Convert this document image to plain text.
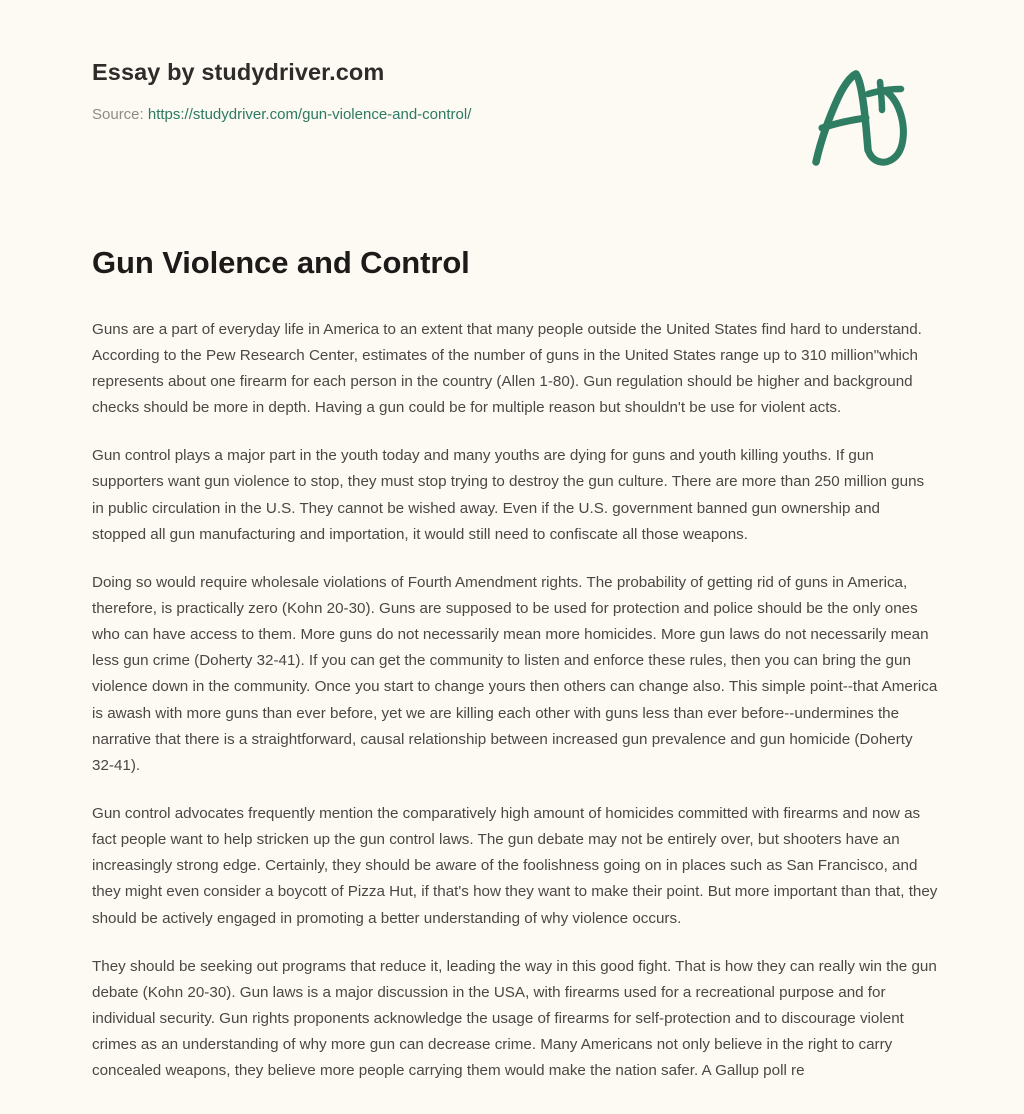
Essay by studydriver.com
Source: https://studydriver.com/gun-violence-and-control/
Gun Violence and Control

Guns are a part of everyday life in America to an extent that many people outside the United States find hard to understand. According to the Pew Research Center, estimates of the number of guns in the United States range up to 310 million"which represents about one firearm for each person in the country (Allen 1-80). Gun regulation should be higher and background checks should be more in depth. Having a gun could be for multiple reason but shouldn't be use for violent acts.

Gun control plays a major part in the youth today and many youths are dying for guns and youth killing youths. If gun supporters want gun violence to stop, they must stop trying to destroy the gun culture. There are more than 250 million guns in public circulation in the U.S. They cannot be wished away. Even if the U.S. government banned gun ownership and stopped all gun manufacturing and importation, it would still need to confiscate all those weapons.

Doing so would require wholesale violations of Fourth Amendment rights. The probability of getting rid of guns in America, therefore, is practically zero (Kohn 20-30). Guns are supposed to be used for protection and police should be the only ones who can have access to them. More guns do not necessarily mean more homicides. More gun laws do not necessarily mean less gun crime (Doherty 32-41). If you can get the community to listen and enforce these rules, then you can bring the gun violence down in the community. Once you start to change yours then others can change also. This simple point--that America is awash with more guns than ever before, yet we are killing each other with guns less than ever before--undermines the narrative that there is a straightforward, causal relationship between increased gun prevalence and gun homicide (Doherty 32-41).

Gun control advocates frequently mention the comparatively high amount of homicides committed with firearms and now as fact people want to help stricken up the gun control laws. The gun debate may not be entirely over, but shooters have an increasingly strong edge. Certainly, they should be aware of the foolishness going on in places such as San Francisco, and they might even consider a boycott of Pizza Hut, if that's how they want to make their point. But more important than that, they should be actively engaged in promoting a better understanding of why violence occurs.

They should be seeking out programs that reduce it, leading the way in this good fight. That is how they can really win the gun debate (Kohn 20-30). Gun laws is a major discussion in the USA, with firearms used for a recreational purpose and for individual security. Gun rights proponents acknowledge the usage of firearms for self-protection and to discourage violent crimes as an understanding of why more gun can decrease crime. Many Americans not only believe in the right to carry concealed weapons, they believe more people carrying them would make the nation safer. A Gallup poll re
